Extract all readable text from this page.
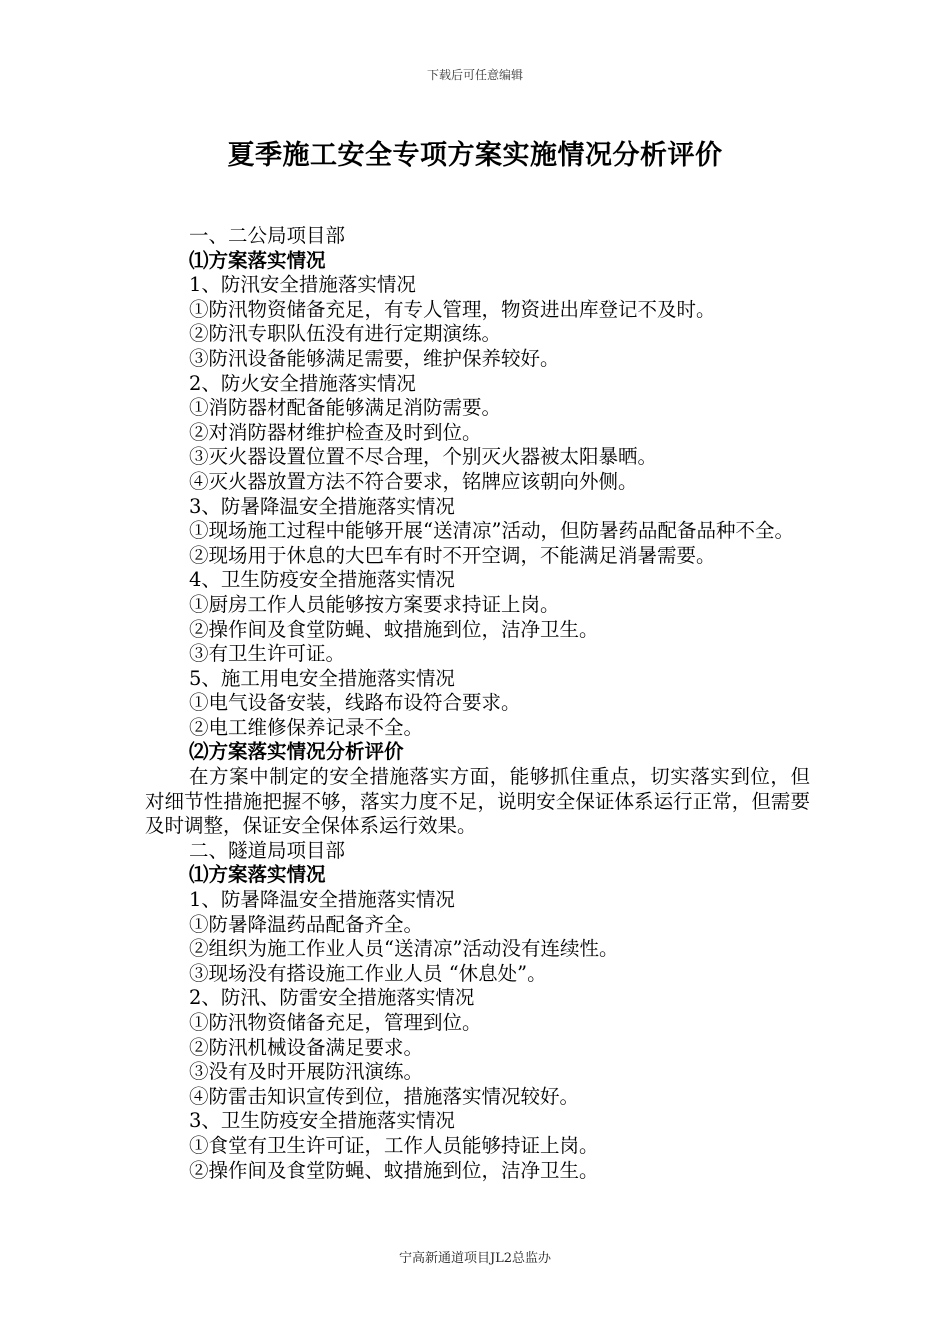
下载后可任意编辑
夏季施工安全专项方案实施情况分析评价
一、二公局项目部
⑴方案落实情况
1、防汛安全措施落实情况
①防汛物资储备充足，有专人管理，物资进出库登记不及时。
②防汛专职队伍没有进行定期演练。
③防汛设备能够满足需要，维护保养较好。
2、防火安全措施落实情况
①消防器材配备能够满足消防需要。
②对消防器材维护检查及时到位。
③灭火器设置位置不尽合理，个别灭火器被太阳暴晒。
④灭火器放置方法不符合要求，铭牌应该朝向外侧。
3、防暑降温安全措施落实情况
①现场施工过程中能够开展“送清凉”活动，但防暑药品配备品种不全。
②现场用于休息的大巴车有时不开空调，不能满足消暑需要。
4、卫生防疫安全措施落实情况
①厨房工作人员能够按方案要求持证上岗。
②操作间及食堂防蝇、蚊措施到位，洁净卫生。
③有卫生许可证。
5、施工用电安全措施落实情况
①电气设备安装，线路布设符合要求。
②电工维修保养记录不全。
⑵方案落实情况分析评价
在方案中制定的安全措施落实方面，能够抓住重点，切实落实到位，但对细节性措施把握不够，落实力度不足，说明安全保证体系运行正常，但需要及时调整，保证安全保体系运行效果。
二、隧道局项目部
⑴方案落实情况
1、防暑降温安全措施落实情况
①防暑降温药品配备齐全。
②组织为施工作业人员“送清凉”活动没有连续性。
③现场没有搭设施工作业人员 “休息处”。
2、防汛、防雷安全措施落实情况
①防汛物资储备充足，管理到位。
②防汛机械设备满足要求。
③没有及时开展防汛演练。
④防雷击知识宣传到位，措施落实情况较好。
3、卫生防疫安全措施落实情况
①食堂有卫生许可证，工作人员能够持证上岗。
②操作间及食堂防蝇、蚊措施到位，洁净卫生。
宁高新通道项目JL2总监办
